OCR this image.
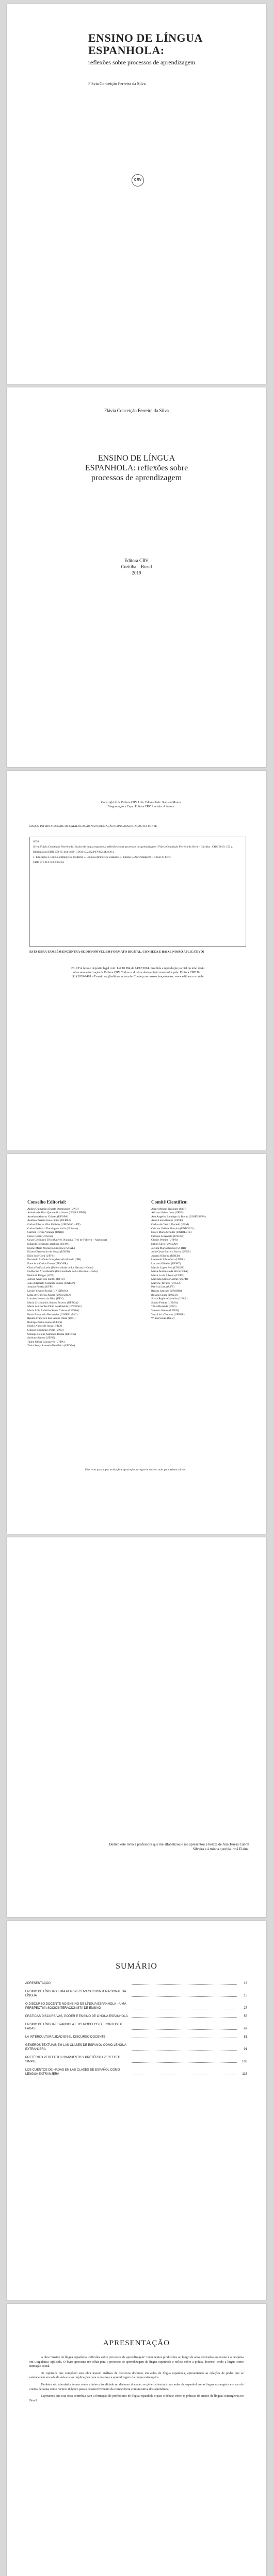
ENSINO DE LÍNGUA ESPANHOLA:
reflexões sobre processos de aprendizagem
Flávia Conceição Ferreira da Silva
CRV
Flávia Conceição Ferreira da Silva
ENSINO DE LÍNGUA ESPANHOLA: reflexões sobre processos de aprendizagem
Editora CRV
Curitiba – Brasil
2019
Copyright © da Editora CRV Ltda. Editor-chefe: Railson Moura Diagramação e Capa: Editora CRV Revisão: A Autora
DADOS INTERNACIONAIS DE CATALOGAÇÃO NA PUBLICAÇÃO (CIP) CATALOGAÇÃO NA FONTE
S636
Silva, Flávia Conceição Ferreira da. Ensino de língua espanhola: reflexões sobre processos de aprendizagem / Flávia Conceição Ferreira da Silva – Curitiba : CRV, 2019. 152 p.
Bibliografia ISBN 978-85-444-3639-1 DOI 10.24824/978854443639.1
1. Educação 2. Língua estrangeira: moderna 3. Língua estrangeira: espanhol 4. Ensino 5. Aprendizagem I. Título II. Série.
CDU 371.214 CDD 372.65
ESTA OBRA TAMBÉM ENCONTRA-SE DISPONÍVEL EM FORMATO DIGITAL. CONHEÇA E BAIXE NOSSO APLICATIVO!
2019 Foi feito o depósito legal conf. Lei 10.994 de 14/12/2004. Proibida a reprodução parcial ou total desta obra sem autorização da Editora CRV. Todos os direitos desta edição reservados pela: Editora CRV Tel.: (41) 3039-6418 – E-mail: sac@editoracrv.com.br Conheça os nossos lançamentos: www.editoracrv.com.br
Conselho Editorial:
Aldira Guimarães Duarte Domínguez (UNB)
Andréia da Silva Quintanilha Sousa (UNIR/UFRN)
Anselmo Alencar Colares (UFOPA)
Antônio Pereira Gaio Júnior (UFRRJ)
Carlos Alberto Vilar Estêvão (UMINHO – PT)
Carlos Federico Dominguez Avila (Unieuro)
Carmen Tereza Velanga (UNIR)
Celso Conti (UFSCar)
Cesar Gerónimo Tello (Univer. Nacional Três de Febrero – Argentina)
Eduardo Fernandes Barbosa (UFMG)
Elione Maria Nogueira Diogenes (UFAL)
Elizeu Clementino de Souza (UNEB)
Élsio José Corá (UFFS)
Fernando Antônio Gonçalves Alcoforado (IPB)
Francisco Carlos Duarte (PUC-PR)
Gloria Fariñas León (Universidade de La Havana – Cuba)
Guillermo Arias Beatón (Universidade de La Havana – Cuba)
Helmuth Krüger (UCP)
Jailson Alves dos Santos (UFRJ)
João Adalberto Campato Junior (UNESP)
Josania Portela (UFPI)
Leonel Severo Rocha (UNISINOS)
Lídia de Oliveira Xavier (UNIEURO)
Lourdes Helena da Silva (UFV)
Maria Cristina dos Santos Bezerra (UFSCar)
Maria de Lourdes Pinto de Almeida (UNOESC)
Maria Lília Imbiriba Sousa Colares (UFOPA)
Paulo Romualdo Hernandes (UNIFAL-MG)
Renato Francisco dos Santos Paula (UFG)
Rodrigo Pratte-Santos (UFES)
Sérgio Nunes de Jesus (IFRO)
Simone Rodrigues Pinto (UNB)
Solange Helena Ximenes-Rocha (UFOPA)
Sydione Santos (UEPG)
Tadeu Oliver Gonçalves (UFPA)
Tania Suely Azevedo Brasileiro (UFOPA)
Comitê Científico:
Adair Mendes Nacarato (USF)
Adriana Salete Loss (UFFS)
Ana Angelita Santiago da Rocha (UNIFESSPA)
Anna Luiza Ramos (UFPE)
Carlos de Castro Macedo (UEM)
Cristina Valéria Flausino (UNICSUL)
Dulce Maria Strieder (UNIOESTE)
Fabiane Lorenzetti (UNESP)
Gladys Pereira (UFPR)
Hilton Silva (UNIVAP)
Jacinta Maria Raposo (UFRR)
Julio Cesar Barreto Rocha (UNIR)
Jussara Oliveira (UNEB)
Leonardo Silva Cruz (UFPR)
Luciana Oliveira (UFMT)
Marcia Lopes Reis (UNESP)
Maria Antonieta da Silva (IFPA)
Maria Lucia Silveira (UFPE)
Mariluza Santos Cabral (UEPB)
Marlene Tavares (UFGD)
Patrícia Lima (UFF)
Regina Sanches (UNIRIO)
Rosana Souza (UNEB)
Silvia Regina Carvalho (UFAL)
Soraia Freitas (UEMA)
Tânia Rezende (UFG)
Vanessa Santos (UFRN)
Vera Lúcia Tavares (UFRPE)
Wilma Souza (UnB)
Este livro passou por avaliação e aprovação às cegas de dois ou mais pareceristas ad hoc.
Dedico este livro à professora que me alfabetizou e me apresentou a beleza de Ana Teresa Cabral Silveira e à minha querida irmã Elaine.
SUMÁRIO
APRESENTAÇÃO	13
ENSINO DE LÍNGUAS: UMA PERSPECTIVA SOCIOINTERACIONAL DA LÍNGUA	15
O DISCURSO DOCENTE NO ENSINO DE LÍNGUA ESPANHOLA – UMA PERSPECTIVA SOCIOINTERACIONISTA DE ENSINO	27
PRÁTICAS DISCURSIVAS, PODER E ENSINO DE LÍNGUA ESPANHOLA	55
ENSINO DE LÍNGUA ESPANHOLA E OS MODELOS DE CONTOS DE FADAS	67
LA INTERCULTURALIDAD EN EL DISCURSO DOCENTE	81
GÊNEROS TEXTUAIS EM LAS CLASES DE ESPAÑOL COMO LENGUA EXTRANJERA	91
PRETÉRITO PERFECTO COMPUESTO Y PRETÉRITO PERFECTO SIMPLE	103
LOS CUENTOS DE HADAS EN LAS CLASES DE ESPAÑOL COMO LENGUA EXTRANJERA	115
APRESENTAÇÃO

A obra "ensino de língua espanhola: reflexões sobre processos de aprendizagem" reúne textos produzidos ao longo de anos dedicados ao ensino e à pesquisa em Linguística Aplicada. O livro apresenta um olhar para o processo de aprendizagem da língua espanhola e reflete sobre a prática docente, tendo a língua como interação social.

Os capítulos que compõem esta obra trazem análises de discursos docentes em aulas de língua espanhola, apresentando as relações de poder que se estabelecem em sala de aula e suas implicações para o ensino e a aprendizagem da língua estrangeira.

Também são abordados temas como a interculturalidade no discurso docente, os gêneros textuais nas aulas de espanhol como língua estrangeira e o uso de contos de fadas como recurso didático para o desenvolvimento da competência comunicativa dos aprendizes.

Esperamos que esta obra contribua para a formação de professores de língua espanhola e para o debate sobre as práticas de ensino de línguas estrangeiras no Brasil.
